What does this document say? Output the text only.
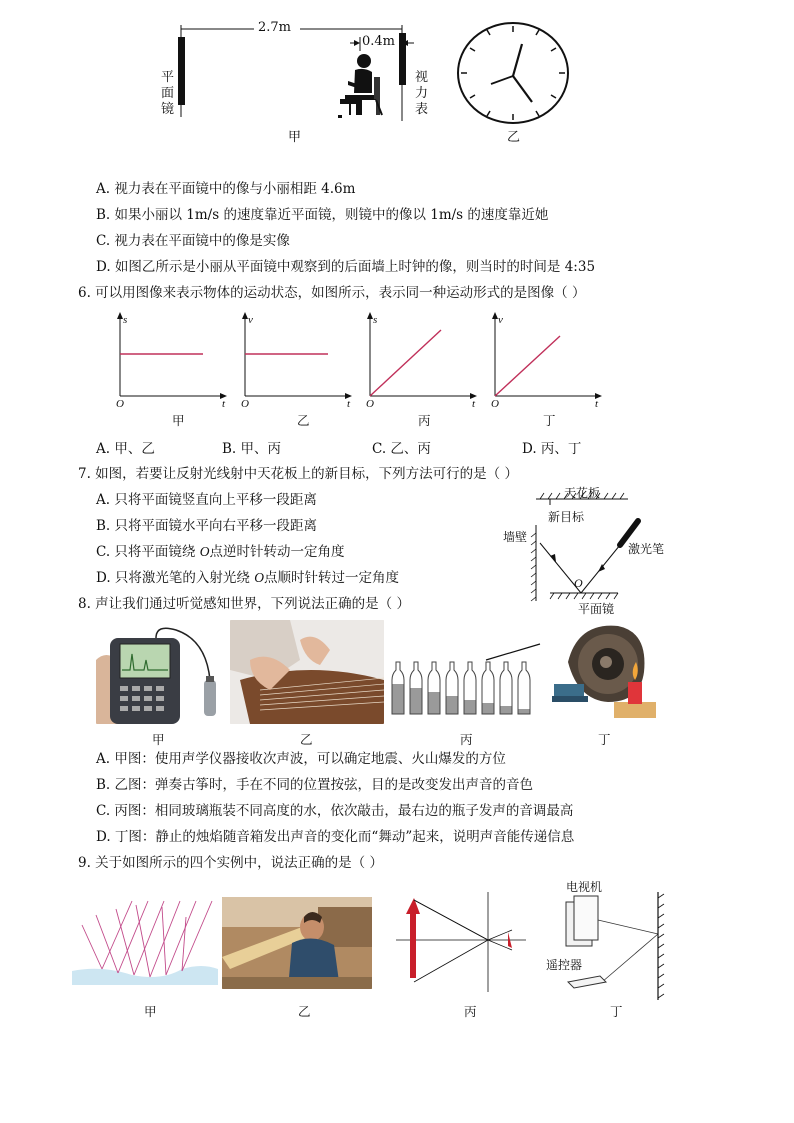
2.7m
0.4m
平面镜
视力表
甲	乙
A. 视力表在平面镜中的像与小丽相距 4.6m
B. 如果小丽以 1m/s 的速度靠近平面镜，则镜中的像以 1m/s 的速度靠近她
C. 视力表在平面镜中的像是实像
D. 如图乙所示是小丽从平面镜中观察到的后面墙上时钟的像，则当时的时间是 4:35
6. 可以用图像来表示物体的运动状态，如图所示，表示同一种运动形式的是图像（ ）
s
O	t
甲
v
O	t
乙
s
O	t
丙
v
O	t
丁
A. 甲、乙	B. 甲、丙	C. 乙、丙	D. 丙、丁
7. 如图，若要让反射光线射中天花板上的新目标，下列方法可行的是（ ）
A. 只将平面镜竖直向上平移一段距离
B. 只将平面镜水平向右平移一段距离
C. 只将平面镜绕 O点逆时针转动一定角度
D. 只将激光笔的入射光绕 O点顺时针转过一定角度
天花板
新目标
墙壁
激光笔
O
平面镜
8. 声让我们通过听觉感知世界，下列说法正确的是（ ）
甲	乙	丙	丁
A. 甲图：使用声学仪器接收次声波，可以确定地震、火山爆发的方位
B. 乙图：弹奏古筝时，手在不同的位置按弦，目的是改变发出声音的音色
C. 丙图：相同玻璃瓶装不同高度的水，依次敲击，最右边的瓶子发声的音调最高
D. 丁图：静止的烛焰随音箱发出声音的变化而“舞动”起来，说明声音能传递信息
9. 关于如图所示的四个实例中，说法正确的是（ ）
电视机
遥控器
甲	乙	丙	丁
